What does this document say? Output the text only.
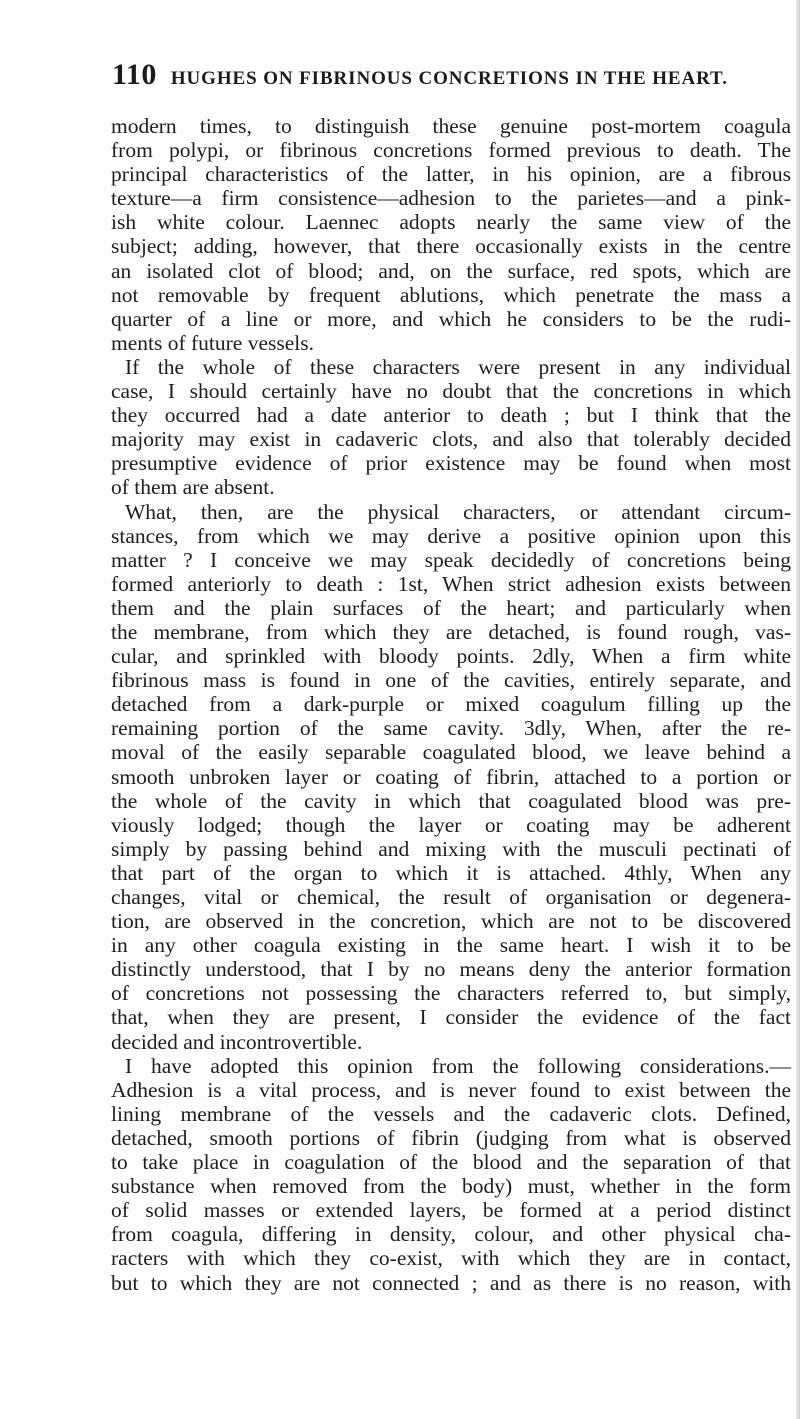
110 HUGHES ON FIBRINOUS CONCRETIONS IN THE HEART.
modern times, to distinguish these genuine post-mortem coagula
from polypi, or fibrinous concretions formed previous to death. The
principal characteristics of the latter, in his opinion, are a fibrous
texture—a firm consistence—adhesion to the parietes—and a pink-
ish white colour. Laennec adopts nearly the same view of the
subject; adding, however, that there occasionally exists in the centre
an isolated clot of blood; and, on the surface, red spots, which are
not removable by frequent ablutions, which penetrate the mass a
quarter of a line or more, and which he considers to be the rudi-
ments of future vessels.
If the whole of these characters were present in any individual
case, I should certainly have no doubt that the concretions in which
they occurred had a date anterior to death ; but I think that the
majority may exist in cadaveric clots, and also that tolerably decided
presumptive evidence of prior existence may be found when most
of them are absent.
What, then, are the physical characters, or attendant circum-
stances, from which we may derive a positive opinion upon this
matter ? I conceive we may speak decidedly of concretions being
formed anteriorly to death : 1st, When strict adhesion exists between
them and the plain surfaces of the heart; and particularly when
the membrane, from which they are detached, is found rough, vas-
cular, and sprinkled with bloody points. 2dly, When a firm white
fibrinous mass is found in one of the cavities, entirely separate, and
detached from a dark-purple or mixed coagulum filling up the
remaining portion of the same cavity. 3dly, When, after the re-
moval of the easily separable coagulated blood, we leave behind a
smooth unbroken layer or coating of fibrin, attached to a portion or
the whole of the cavity in which that coagulated blood was pre-
viously lodged; though the layer or coating may be adherent
simply by passing behind and mixing with the musculi pectinati of
that part of the organ to which it is attached. 4thly, When any
changes, vital or chemical, the result of organisation or degenera-
tion, are observed in the concretion, which are not to be discovered
in any other coagula existing in the same heart. I wish it to be
distinctly understood, that I by no means deny the anterior formation
of concretions not possessing the characters referred to, but simply,
that, when they are present, I consider the evidence of the fact
decided and incontrovertible.
I have adopted this opinion from the following considerations.—
Adhesion is a vital process, and is never found to exist between the
lining membrane of the vessels and the cadaveric clots. Defined,
detached, smooth portions of fibrin (judging from what is observed
to take place in coagulation of the blood and the separation of that
substance when removed from the body) must, whether in the form
of solid masses or extended layers, be formed at a period distinct
from coagula, differing in density, colour, and other physical cha-
racters with which they co-exist, with which they are in contact,
but to which they are not connected ; and as there is no reason, with
